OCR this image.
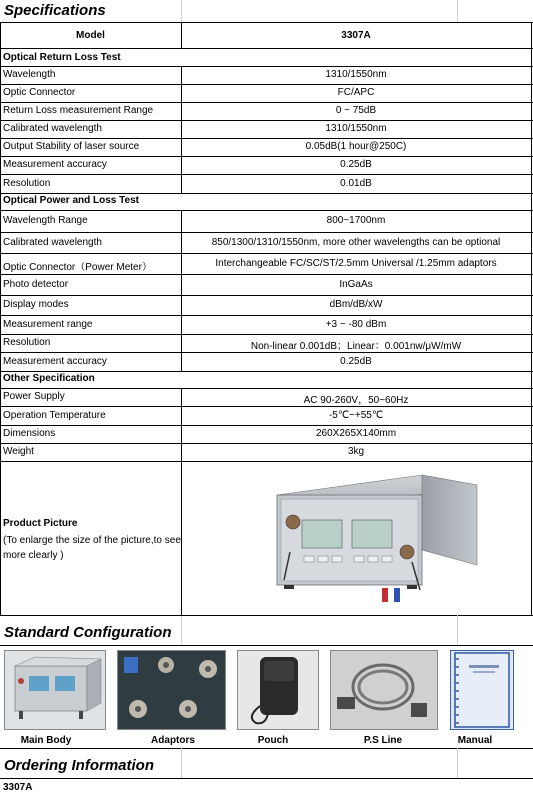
Specifications
Model	3307A
Optical Return Loss Test
Wavelength	1310/1550nm
Optic Connector	FC/APC
Return Loss measurement Range	0 ~ 75dB
Calibrated wavelength	1310/1550nm
Output Stability of laser source	0.05dB(1 hour@250C)
Measurement accuracy	0.25dB
Resolution	0.01dB
Optical Power and Loss Test
Wavelength Range	800~1700nm
Calibrated wavelength	850/1300/1310/1550nm, more other wavelengths can be optional
Optic Connector（Power Meter）	Interchangeable FC/SC/ST/2.5mm Universal /1.25mm adaptors
Photo detector	InGaAs
Display modes	dBm/dB/xW
Measurement range	+3 ~ -80 dBm
Resolution	Non-linear 0.001dB；Linear：0.001nw/μW/mW
Measurement accuracy	0.25dB
Other Specification
Power Supply	AC 90-260V，50~60Hz
Operation Temperature	-5℃~+55℃
Dimensions	260X265X140mm
Weight	3kg
Product Picture
(To enlarge the size of the picture,to see more clearly )
Standard Configuration
Main Body	Adaptors	Pouch	P.S Line	Manual
Ordering Information
3307A
